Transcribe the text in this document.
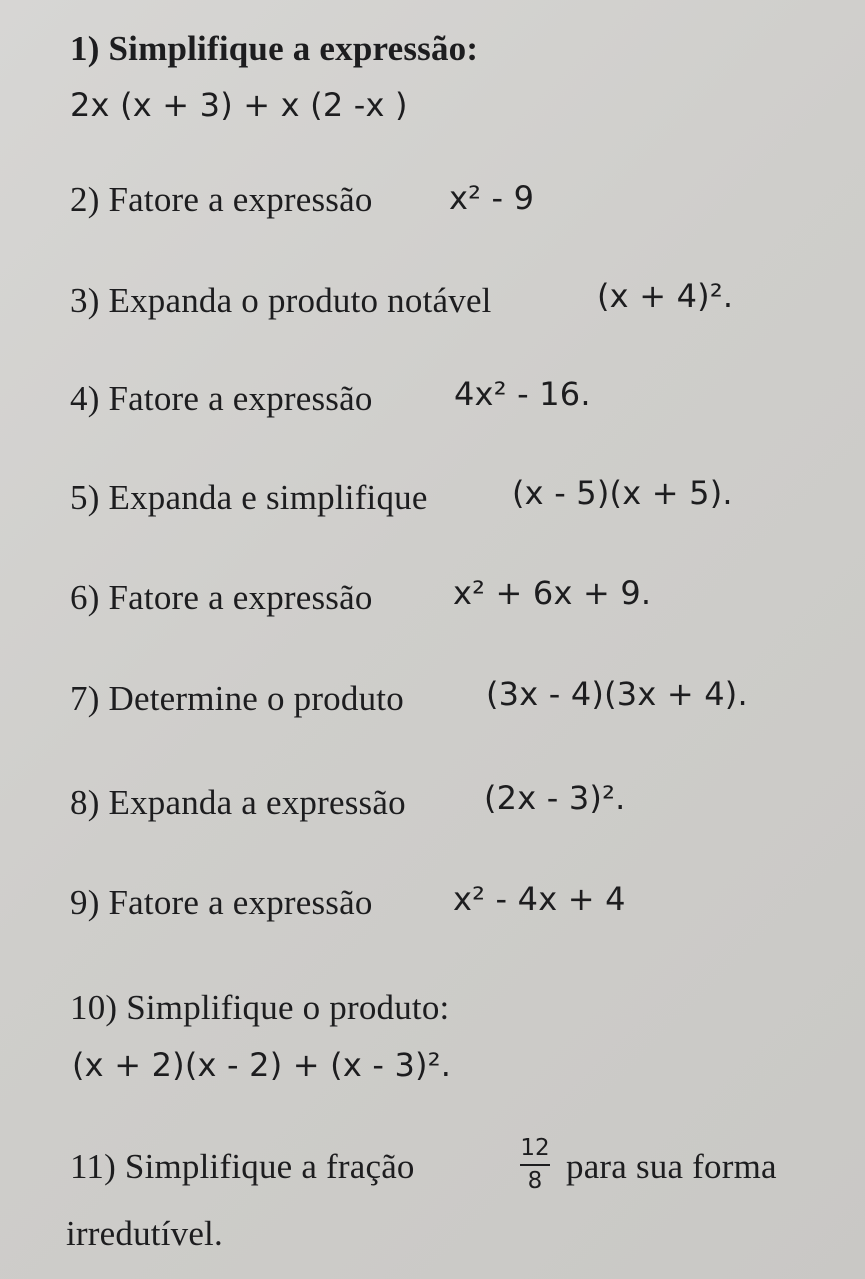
1) Simplifique a expressão:
2x (x + 3) + x (2 -x )
2) Fatore a expressão x² - 9
3) Expanda o produto notável	(x + 4)².
4) Fatore a expressão	4x² - 16.
5) Expanda e simplifique	(x - 5)(x + 5).
6) Fatore a expressão	x² + 6x + 9.
7) Determine o produto	(3x - 4)(3x + 4).
8) Expanda a expressão (2x - 3)².
9) Fatore a expressão	x² - 4x + 4
10) Simplifique o produto:
(x + 2)(x - 2) + (x - 3)².
11) Simplifique a fração	12
8 para sua forma
irredutível.
